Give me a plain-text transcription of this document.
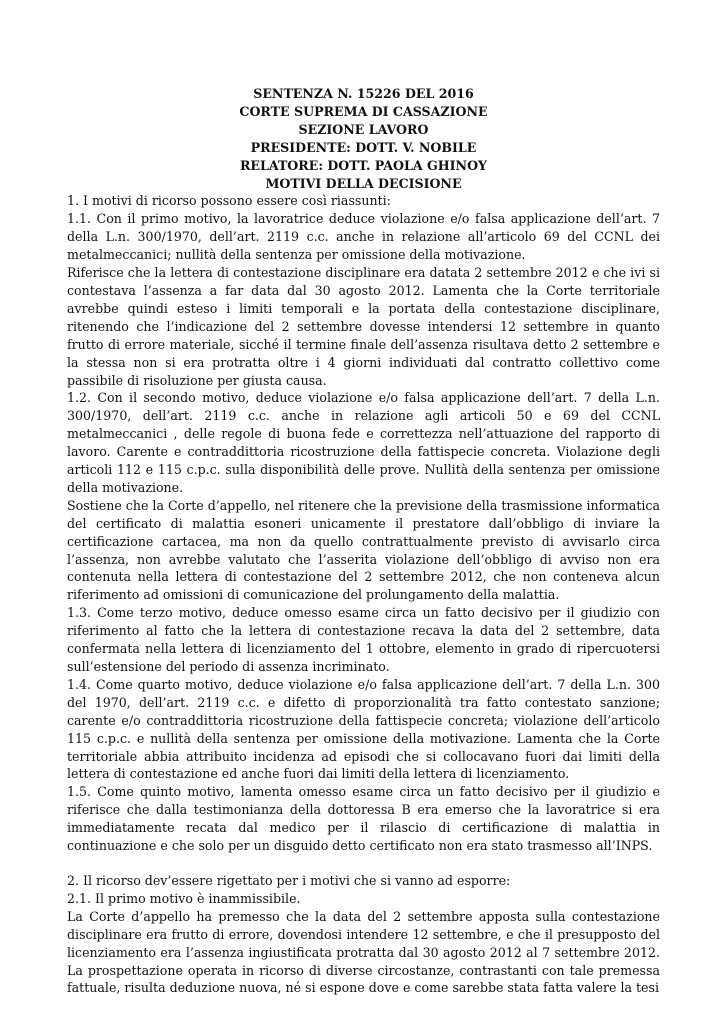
SENTENZA N. 15226 DEL 2016
CORTE SUPREMA DI CASSAZIONE
SEZIONE LAVORO
PRESIDENTE: DOTT. V. NOBILE
RELATORE: DOTT. PAOLA GHINOY
MOTIVI DELLA DECISIONE

1. I motivi di ricorso possono essere così riassunti:

1.1. Con il primo motivo, la lavoratrice deduce violazione e/o falsa applicazione dell’art. 7 della L.n. 300/1970, dell’art. 2119 c.c. anche in relazione all’articolo 69 del CCNL dei metalmeccanici; nullità della sentenza per omissione della motivazione.

Riferisce che la lettera di contestazione disciplinare era datata 2 settembre 2012 e che ivi si contestava l’assenza a far data dal 30 agosto 2012. Lamenta che la Corte territoriale avrebbe quindi esteso i limiti temporali e la portata della contestazione disciplinare, ritenendo che l’indicazione del 2 settembre dovesse intendersi 12 settembre in quanto frutto di errore materiale, sicché il termine finale dell’assenza risultava detto 2 settembre e la stessa non si era protratta oltre i 4 giorni individuati dal contratto collettivo come passibile di risoluzione per giusta causa.

1.2. Con il secondo motivo, deduce violazione e/o falsa applicazione dell’art. 7 della L.n. 300/1970, dell’art. 2119 c.c. anche in relazione agli articoli 50 e 69 del CCNL metalmeccanici , delle regole di buona fede e correttezza nell’attuazione del rapporto di lavoro. Carente e contraddittoria ricostruzione della fattispecie concreta. Violazione degli articoli 112 e 115 c.p.c. sulla disponibilità delle prove. Nullità della sentenza per omissione della motivazione.

Sostiene che la Corte d’appello, nel ritenere che la previsione della trasmissione informatica del certificato di malattia esoneri unicamente il prestatore dall’obbligo di inviare la certificazione cartacea, ma non da quello contrattualmente previsto di avvisarlo circa l’assenza, non avrebbe valutato che l’asserita violazione dell’obbligo di avviso non era contenuta nella lettera di contestazione del 2 settembre 2012, che non conteneva alcun riferimento ad omissioni di comunicazione del prolungamento della malattia.

1.3. Come terzo motivo, deduce omesso esame circa un fatto decisivo per il giudizio con riferimento al fatto che la lettera di contestazione recava la data del 2 settembre, data confermata nella lettera di licenziamento del 1 ottobre, elemento in grado di ripercuotersi sull’estensione del periodo di assenza incriminato.

1.4. Come quarto motivo, deduce violazione e/o falsa applicazione dell’art. 7 della L.n. 300 del 1970, dell’art. 2119 c.c. e difetto di proporzionalità tra fatto contestato sanzione; carente e/o contraddittoria ricostruzione della fattispecie concreta; violazione dell’articolo 115 c.p.c. e nullità della sentenza per omissione della motivazione. Lamenta che la Corte territoriale abbia attribuito incidenza ad episodi che si collocavano fuori dai limiti della lettera di contestazione ed anche fuori dai limiti della lettera di licenziamento.

1.5. Come quinto motivo, lamenta omesso esame circa un fatto decisivo per il giudizio e riferisce che dalla testimonianza della dottoressa B era emerso che la lavoratrice si era immediatamente recata dal medico per il rilascio di certificazione di malattia in continuazione e che solo per un disguido detto certificato non era stato trasmesso all’INPS.

2. Il ricorso dev’essere rigettato per i motivi che si vanno ad esporre:

2.1. Il primo motivo è inammissibile.

La Corte d’appello ha premesso che la data del 2 settembre apposta sulla contestazione disciplinare era frutto di errore, dovendosi intendere 12 settembre, e che il presupposto del licenziamento era l’assenza ingiustificata protratta dal 30 agosto 2012 al 7 settembre 2012. La prospettazione operata in ricorso di diverse circostanze, contrastanti con tale premessa fattuale, risulta deduzione nuova, né si espone dove e come sarebbe stata fatta valere la tesi
